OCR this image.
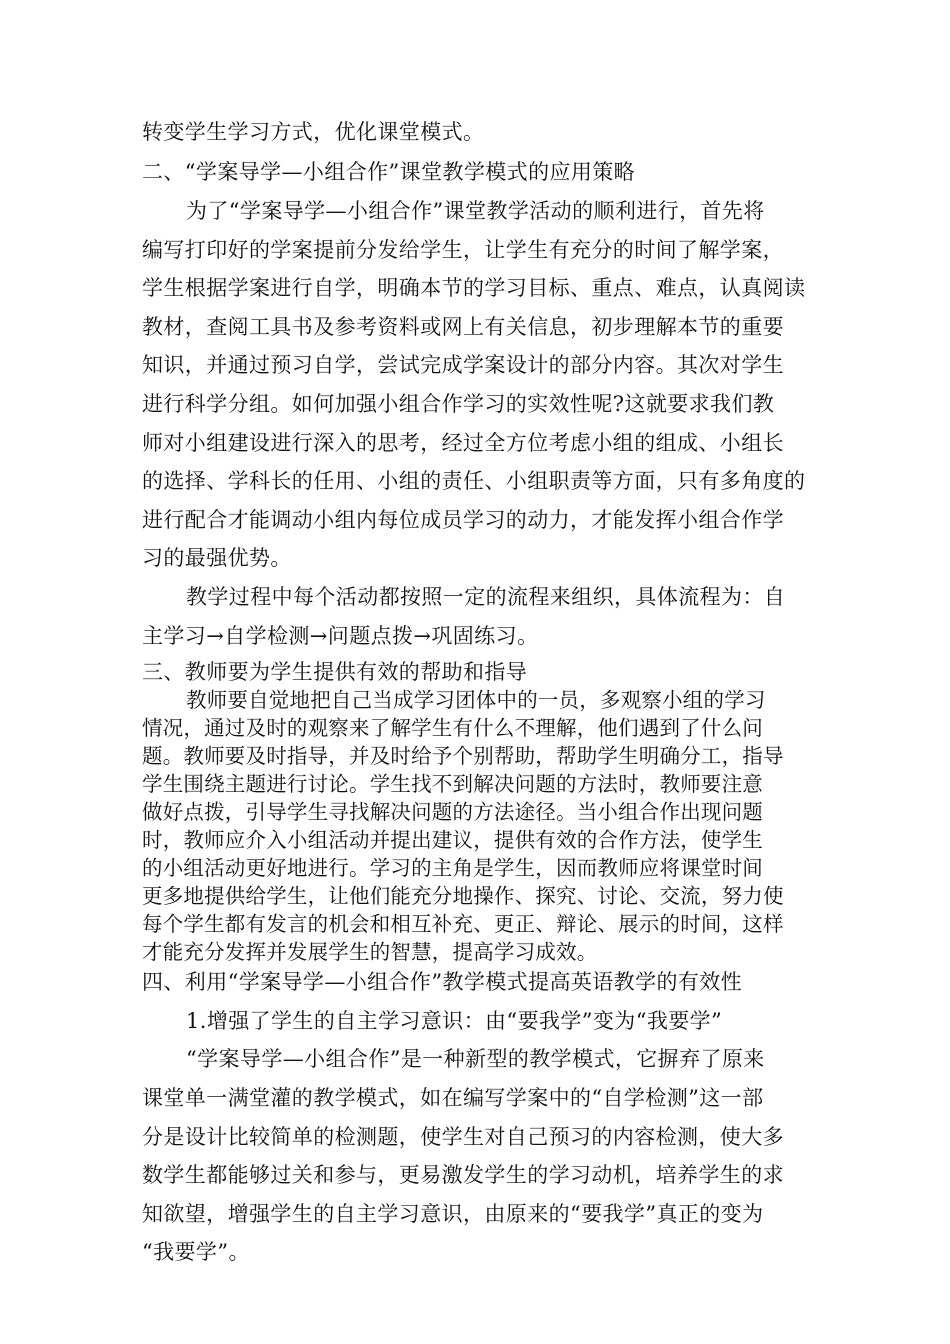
转变学生学习方式，优化课堂模式。
二、“学案导学—小组合作”课堂教学模式的应用策略
为了“学案导学—小组合作”课堂教学活动的顺利进行，首先将
编写打印好的学案提前分发给学生，让学生有充分的时间了解学案，
学生根据学案进行自学，明确本节的学习目标、重点、难点，认真阅读
教材，查阅工具书及参考资料或网上有关信息，初步理解本节的重要
知识，并通过预习自学，尝试完成学案设计的部分内容。其次对学生
进行科学分组。如何加强小组合作学习的实效性呢?这就要求我们教
师对小组建设进行深入的思考，经过全方位考虑小组的组成、小组长
的选择、学科长的任用、小组的责任、小组职责等方面，只有多角度的
进行配合才能调动小组内每位成员学习的动力，才能发挥小组合作学
习的最强优势。
教学过程中每个活动都按照一定的流程来组织，具体流程为：自
主学习→自学检测→问题点拨→巩固练习。
三、教师要为学生提供有效的帮助和指导
教师要自觉地把自己当成学习团体中的一员，多观察小组的学习
情况，通过及时的观察来了解学生有什么不理解，他们遇到了什么问
题。教师要及时指导，并及时给予个别帮助，帮助学生明确分工，指导
学生围绕主题进行讨论。学生找不到解决问题的方法时，教师要注意
做好点拨，引导学生寻找解决问题的方法途径。当小组合作出现问题
时，教师应介入小组活动并提出建议，提供有效的合作方法，使学生
的小组活动更好地进行。学习的主角是学生，因而教师应将课堂时间
更多地提供给学生，让他们能充分地操作、探究、讨论、交流，努力使
每个学生都有发言的机会和相互补充、更正、辩论、展示的时间，这样
才能充分发挥并发展学生的智慧，提高学习成效。
四、利用“学案导学—小组合作”教学模式提高英语教学的有效性
1.增强了学生的自主学习意识：由“要我学”变为“我要学”
“学案导学—小组合作”是一种新型的教学模式，它摒弃了原来
课堂单一满堂灌的教学模式，如在编写学案中的“自学检测”这一部
分是设计比较简单的检测题，使学生对自己预习的内容检测，使大多
数学生都能够过关和参与，更易激发学生的学习动机，培养学生的求
知欲望，增强学生的自主学习意识，由原来的“要我学”真正的变为
“我要学”。
